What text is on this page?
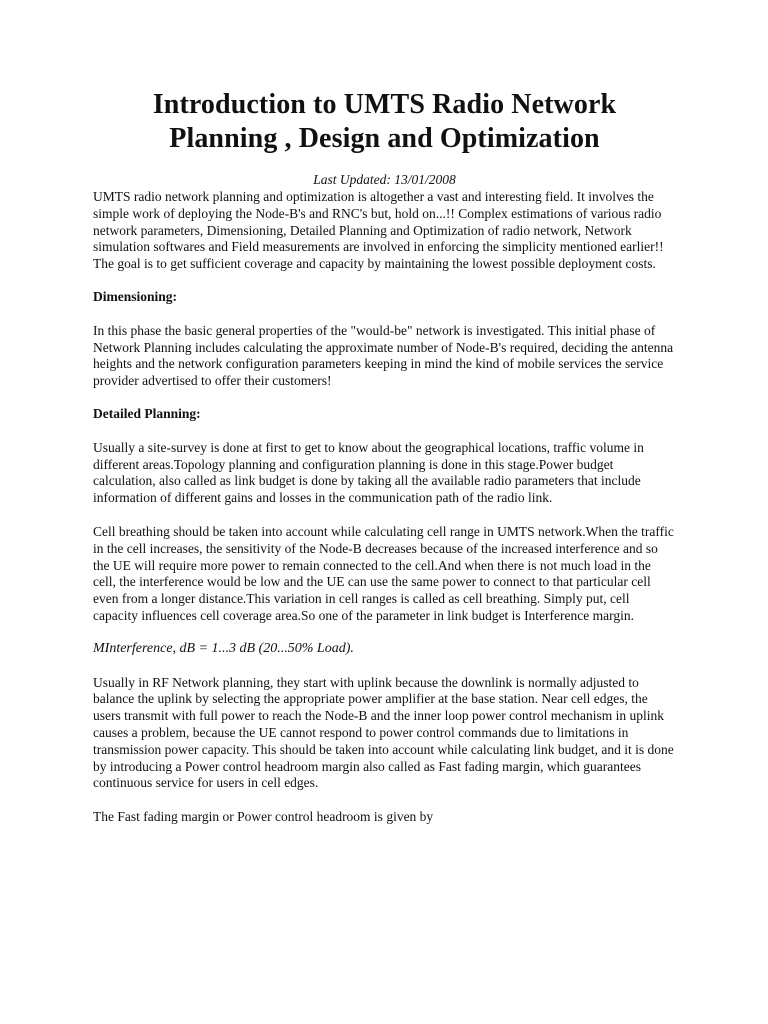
Introduction to UMTS Radio Network
Planning , Design and Optimization
Last Updated: 13/01/2008

UMTS radio network planning and optimization is altogether a vast and interesting field. It involves the simple work of deploying the Node-B's and RNC's but, hold on...!! Complex estimations of various radio network parameters, Dimensioning, Detailed Planning and Optimization of radio network, Network simulation softwares and Field measurements are involved in enforcing the simplicity mentioned earlier!! The goal is to get sufficient coverage and capacity by maintaining the lowest possible deployment costs.

Dimensioning:

In this phase the basic general properties of the "would-be" network is investigated. This initial phase of Network Planning includes calculating the approximate number of Node-B's required, deciding the antenna heights and the network configuration parameters keeping in mind the kind of mobile services the service provider advertised to offer their customers!

Detailed Planning:

Usually a site-survey is done at first to get to know about the geographical locations, traffic volume in different areas.Topology planning and configuration planning is done in this stage.Power budget calculation, also called as link budget is done by taking all the available radio parameters that include information of different gains and losses in the communication path of the radio link.

Cell breathing should be taken into account while calculating cell range in UMTS network.When the traffic in the cell increases, the sensitivity of the Node-B decreases because of the increased interference and so the UE will require more power to remain connected to the cell.And when there is not much load in the cell, the interference would be low and the UE can use the same power to connect to that particular cell even from a longer distance.This variation in cell ranges is called as cell breathing. Simply put, cell capacity influences cell coverage area.So one of the parameter in link budget is Interference margin.

MInterference, dB = 1...3 dB (20...50% Load).

Usually in RF Network planning, they start with uplink because the downlink is normally adjusted to balance the uplink by selecting the appropriate power amplifier at the base station. Near cell edges, the users transmit with full power to reach the Node-B and the inner loop power control mechanism in uplink causes a problem, because the UE cannot respond to power control commands due to limitations in transmission power capacity. This should be taken into account while calculating link budget, and it is done by introducing a Power control headroom margin also called as Fast fading margin, which guarantees continuous service for users in cell edges.

The Fast fading margin or Power control headroom is given by
